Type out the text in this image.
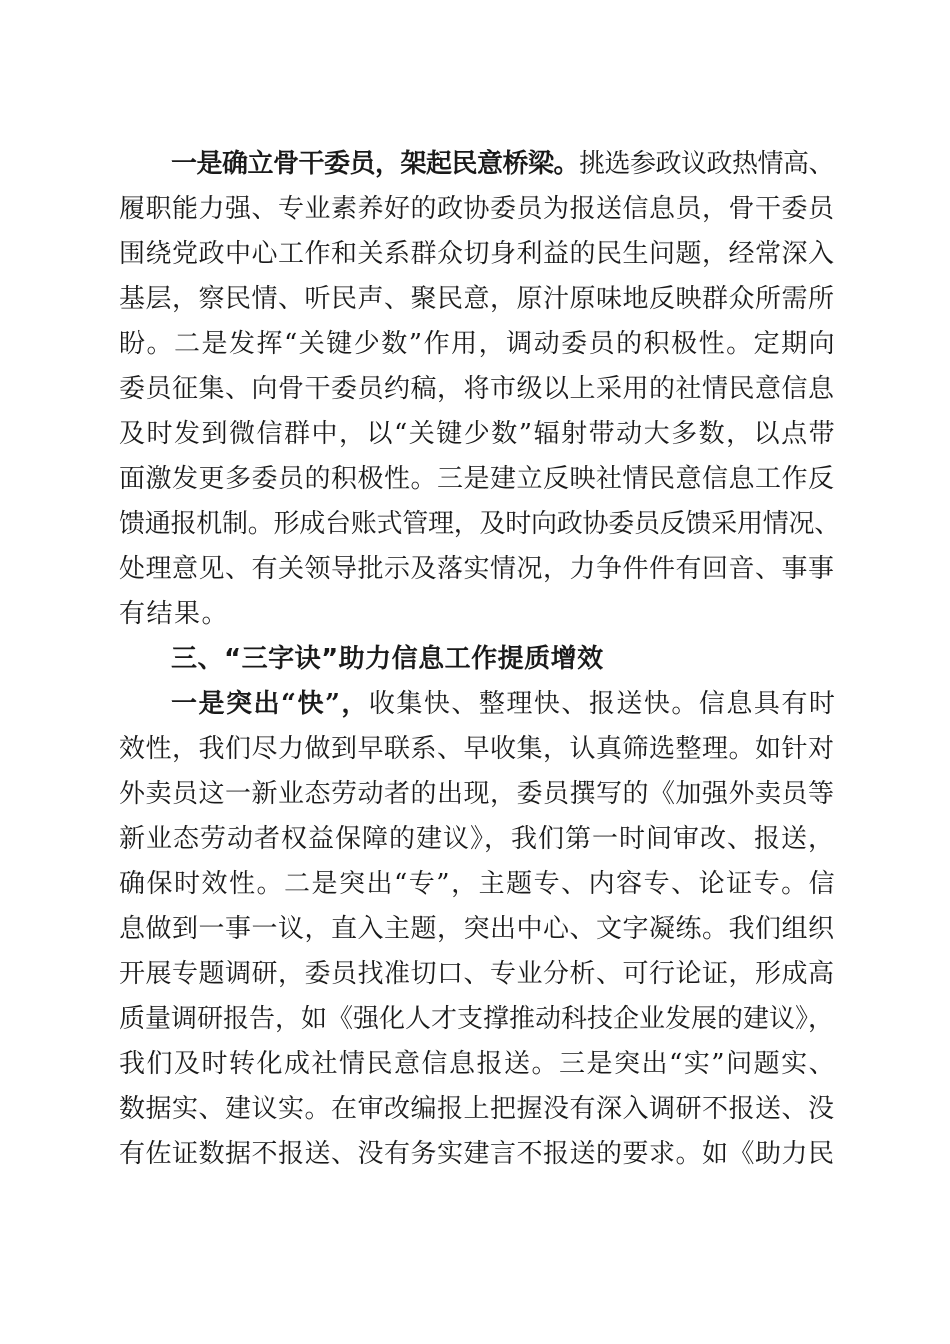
一是确立骨干委员，架起民意桥梁。挑选参政议政热情高、

履职能力强、专业素养好的政协委员为报送信息员，骨干委员

围绕党政中心工作和关系群众切身利益的民生问题，经常深入

基层，察民情、听民声、聚民意，原汁原味地反映群众所需所

盼。二是发挥“关键少数”作用，调动委员的积极性。定期向

委员征集、向骨干委员约稿，将市级以上采用的社情民意信息

及时发到微信群中，以“关键少数”辐射带动大多数，以点带

面激发更多委员的积极性。三是建立反映社情民意信息工作反

馈通报机制。形成台账式管理，及时向政协委员反馈采用情况、

处理意见、有关领导批示及落实情况，力争件件有回音、事事

有结果。

三、“三字诀”助力信息工作提质增效

一是突出“快”，收集快、整理快、报送快。信息具有时

效性，我们尽力做到早联系、早收集，认真筛选整理。如针对

外卖员这一新业态劳动者的出现，委员撰写的《加强外卖员等

新业态劳动者权益保障的建议》，我们第一时间审改、报送，

确保时效性。二是突出“专”，主题专、内容专、论证专。信

息做到一事一议，直入主题，突出中心、文字凝练。我们组织

开展专题调研，委员找准切口、专业分析、可行论证，形成高

质量调研报告，如《强化人才支撑推动科技企业发展的建议》，

我们及时转化成社情民意信息报送。三是突出“实”问题实、

数据实、建议实。在审改编报上把握没有深入调研不报送、没

有佐证数据不报送、没有务实建言不报送的要求。如《助力民
